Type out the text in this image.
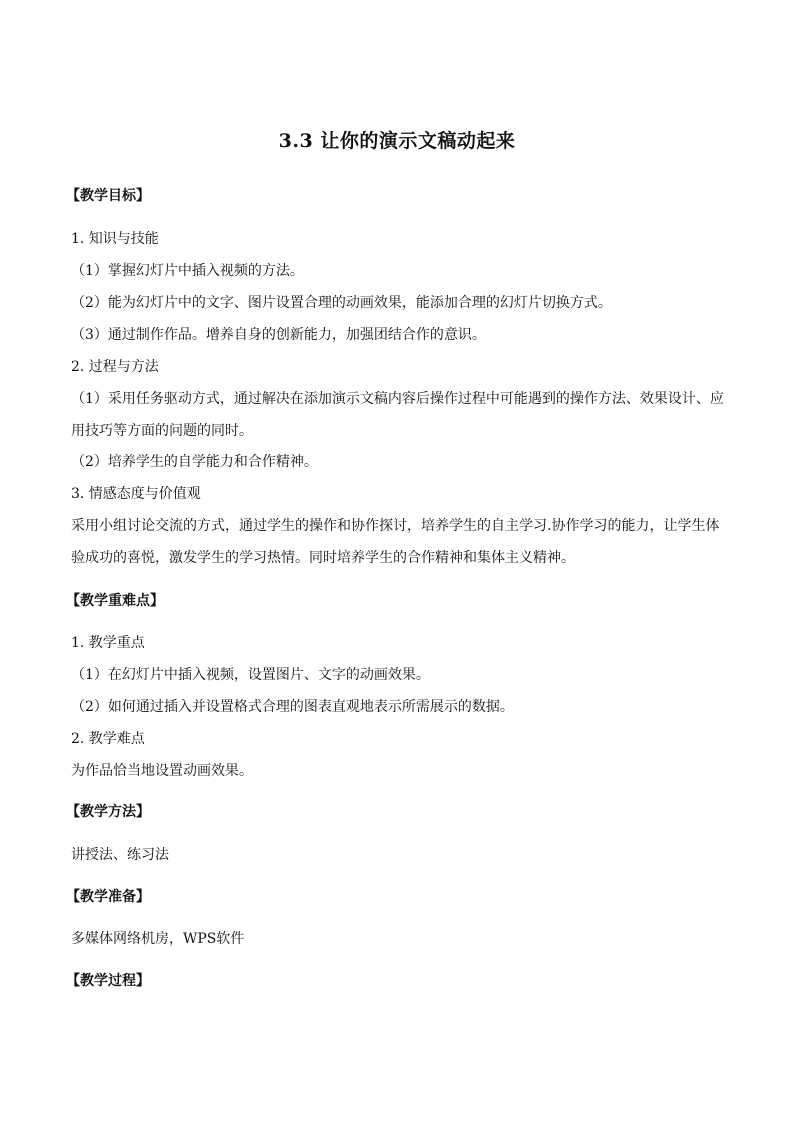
3.3 让你的演示文稿动起来
【教学目标】
1. 知识与技能
（1）掌握幻灯片中插入视频的方法。
（2）能为幻灯片中的文字、图片设置合理的动画效果，能添加合理的幻灯片切换方式。
（3）通过制作作品。增养自身的创新能力，加强团结合作的意识。
2. 过程与方法
（1）采用任务驱动方式，通过解决在添加演示文稿内容后操作过程中可能遇到的操作方法、效果设计、应用技巧等方面的问题的同时。
（2）培养学生的自学能力和合作精神。
3. 情感态度与价值观
采用小组讨论交流的方式，通过学生的操作和协作探讨，培养学生的自主学习.协作学习的能力，让学生体验成功的喜悦，激发学生的学习热情。同时培养学生的合作精神和集体主义精神。
【教学重难点】
1. 教学重点
（1）在幻灯片中插入视频，设置图片、文字的动画效果。
（2）如何通过插入并设置格式合理的图表直观地表示所需展示的数据。
2. 教学难点
为作品恰当地设置动画效果。
【教学方法】
讲授法、练习法
【教学准备】
多媒体网络机房，WPS软件
【教学过程】
